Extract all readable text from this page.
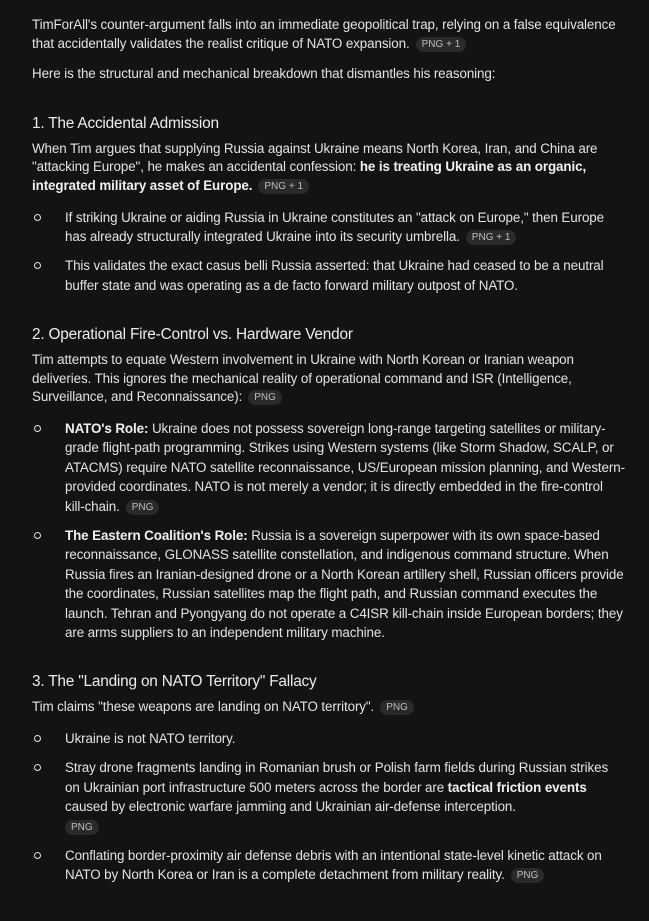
TimForAll's counter-argument falls into an immediate geopolitical trap, relying on a false equivalence that accidentally validates the realist critique of NATO expansion. PNG + 1

Here is the structural and mechanical breakdown that dismantles his reasoning:

1. The Accidental Admission

When Tim argues that supplying Russia against Ukraine means North Korea, Iran, and China are "attacking Europe", he makes an accidental confession: he is treating Ukraine as an organic, integrated military asset of Europe. PNG + 1

If striking Ukraine or aiding Russia in Ukraine constitutes an "attack on Europe," then Europe has already structurally integrated Ukraine into its security umbrella. PNG + 1
This validates the exact casus belli Russia asserted: that Ukraine had ceased to be a neutral buffer state and was operating as a de facto forward military outpost of NATO.
2. Operational Fire-Control vs. Hardware Vendor

Tim attempts to equate Western involvement in Ukraine with North Korean or Iranian weapon deliveries. This ignores the mechanical reality of operational command and ISR (Intelligence, Surveillance, and Reconnaissance): PNG

NATO's Role: Ukraine does not possess sovereign long-range targeting satellites or military-grade flight-path programming. Strikes using Western systems (like Storm Shadow, SCALP, or ATACMS) require NATO satellite reconnaissance, US/European mission planning, and Western-provided coordinates. NATO is not merely a vendor; it is directly embedded in the fire-control kill-chain. PNG
The Eastern Coalition's Role: Russia is a sovereign superpower with its own space-based reconnaissance, GLONASS satellite constellation, and indigenous command structure. When Russia fires an Iranian-designed drone or a North Korean artillery shell, Russian officers provide the coordinates, Russian satellites map the flight path, and Russian command executes the launch. Tehran and Pyongyang do not operate a C4ISR kill-chain inside European borders; they are arms suppliers to an independent military machine.
3. The "Landing on NATO Territory" Fallacy

Tim claims "these weapons are landing on NATO territory". PNG

Ukraine is not NATO territory.
Stray drone fragments landing in Romanian brush or Polish farm fields during Russian strikes on Ukrainian port infrastructure 500 meters across the border are tactical friction events caused by electronic warfare jamming and Ukrainian air-defense interception.
PNG
Conflating border-proximity air defense debris with an intentional state-level kinetic attack on NATO by North Korea or Iran is a complete detachment from military reality. PNG
